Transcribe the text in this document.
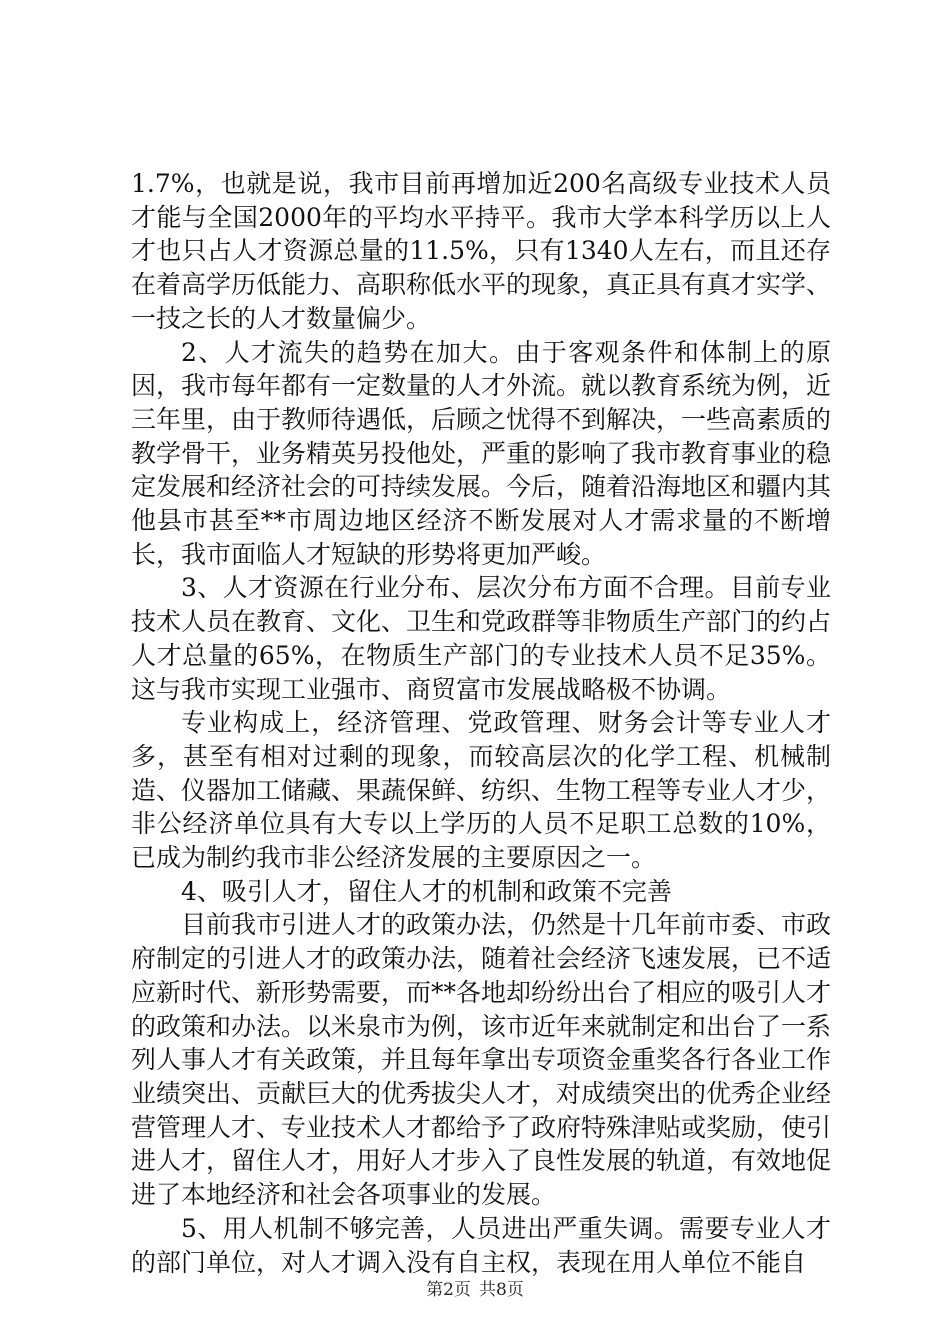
1.7%，也就是说，我市目前再增加近200名高级专业技术人员才能与全国2000年的平均水平持平。我市大学本科学历以上人才也只占人才资源总量的11.5%，只有1340人左右，而且还存在着高学历低能力、高职称低水平的现象，真正具有真才实学、一技之长的人才数量偏少。

2、人才流失的趋势在加大。由于客观条件和体制上的原因，我市每年都有一定数量的人才外流。就以教育系统为例，近三年里，由于教师待遇低，后顾之忧得不到解决，一些高素质的教学骨干，业务精英另投他处，严重的影响了我市教育事业的稳定发展和经济社会的可持续发展。今后，随着沿海地区和疆内其他县市甚至**市周边地区经济不断发展对人才需求量的不断增长，我市面临人才短缺的形势将更加严峻。

3、人才资源在行业分布、层次分布方面不合理。目前专业技术人员在教育、文化、卫生和党政群等非物质生产部门的约占人才总量的65%，在物质生产部门的专业技术人员不足35%。这与我市实现工业强市、商贸富市发展战略极不协调。

专业构成上，经济管理、党政管理、财务会计等专业人才多，甚至有相对过剩的现象，而较高层次的化学工程、机械制造、仪器加工储藏、果蔬保鲜、纺织、生物工程等专业人才少，非公经济单位具有大专以上学历的人员不足职工总数的10%，已成为制约我市非公经济发展的主要原因之一。

4、吸引人才，留住人才的机制和政策不完善

目前我市引进人才的政策办法，仍然是十几年前市委、市政府制定的引进人才的政策办法，随着社会经济飞速发展，已不适应新时代、新形势需要，而**各地却纷纷出台了相应的吸引人才的政策和办法。以米泉市为例，该市近年来就制定和出台了一系列人事人才有关政策，并且每年拿出专项资金重奖各行各业工作业绩突出、贡献巨大的优秀拔尖人才，对成绩突出的优秀企业经营管理人才、专业技术人才都给予了政府特殊津贴或奖励，使引进人才，留住人才，用好人才步入了良性发展的轨道，有效地促进了本地经济和社会各项事业的发展。

5、用人机制不够完善，人员进出严重失调。需要专业人才的部门单位，对人才调入没有自主权，表现在用人单位不能自

第2页 共8页
